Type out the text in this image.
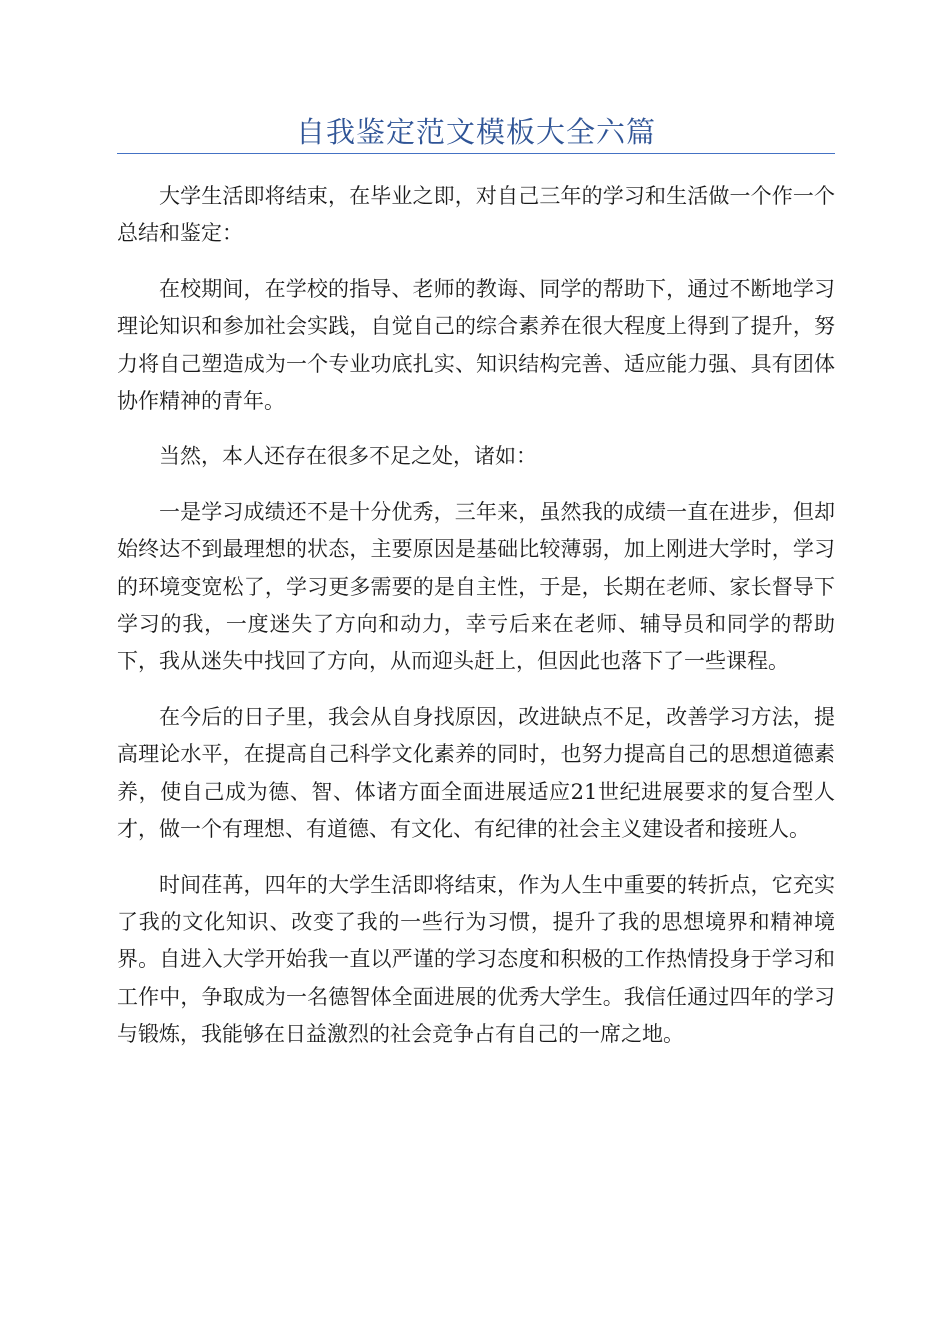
自我鉴定范文模板大全六篇

大学生活即将结束，在毕业之即，对自己三年的学习和生活做一个作一个总结和鉴定：

在校期间，在学校的指导、老师的教诲、同学的帮助下，通过不断地学习理论知识和参加社会实践，自觉自己的综合素养在很大程度上得到了提升，努力将自己塑造成为一个专业功底扎实、知识结构完善、适应能力强、具有团体协作精神的青年。

当然，本人还存在很多不足之处，诸如：

一是学习成绩还不是十分优秀，三年来，虽然我的成绩一直在进步，但却始终达不到最理想的状态，主要原因是基础比较薄弱，加上刚进大学时，学习的环境变宽松了，学习更多需要的是自主性，于是，长期在老师、家长督导下学习的我，一度迷失了方向和动力，幸亏后来在老师、辅导员和同学的帮助下，我从迷失中找回了方向，从而迎头赶上，但因此也落下了一些课程。

在今后的日子里，我会从自身找原因，改进缺点不足，改善学习方法，提高理论水平，在提高自己科学文化素养的同时，也努力提高自己的思想道德素养，使自己成为德、智、体诸方面全面进展适应21世纪进展要求的复合型人才，做一个有理想、有道德、有文化、有纪律的社会主义建设者和接班人。

时间荏苒，四年的大学生活即将结束，作为人生中重要的转折点，它充实了我的文化知识、改变了我的一些行为习惯，提升了我的思想境界和精神境界。自进入大学开始我一直以严谨的学习态度和积极的工作热情投身于学习和工作中，争取成为一名德智体全面进展的优秀大学生。我信任通过四年的学习与锻炼，我能够在日益激烈的社会竞争占有自己的一席之地。
